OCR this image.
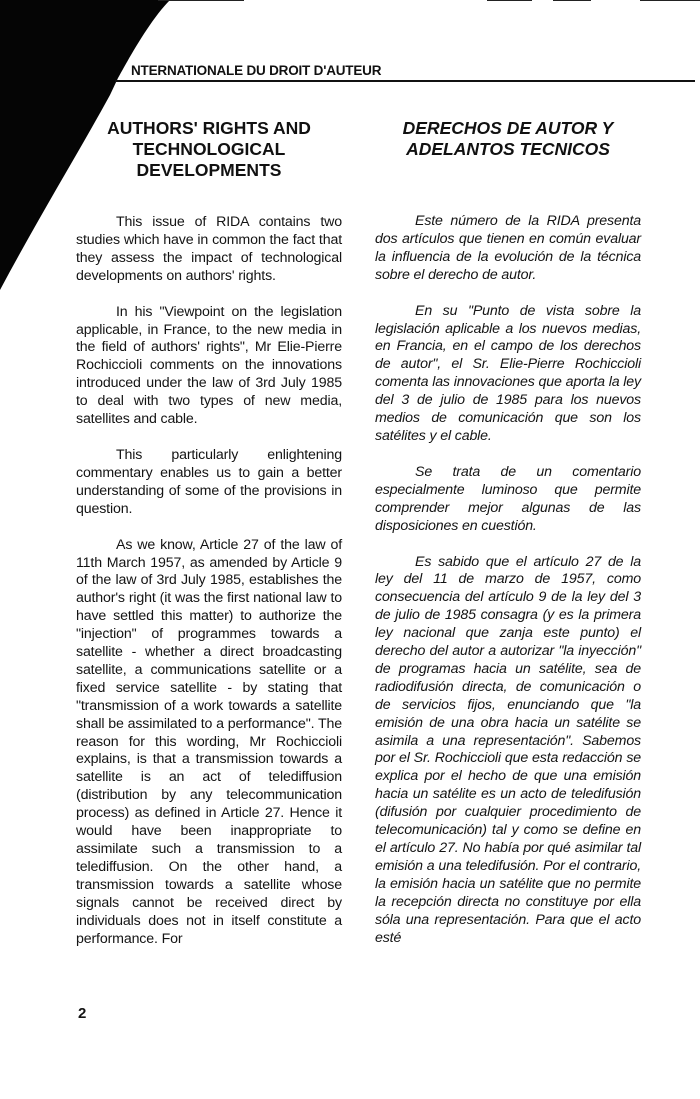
NTERNATIONALE DU DROIT D'AUTEUR
AUTHORS' RIGHTS AND
TECHNOLOGICAL
DEVELOPMENTS

This issue of RIDA contains two studies which have in common the fact that they assess the impact of technological developments on authors' rights.

In his "Viewpoint on the legislation applicable, in France, to the new media in the field of authors' rights", Mr Elie-Pierre Rochiccioli comments on the innovations introduced under the law of 3rd July 1985 to deal with two types of new media, satellites and cable.

This particularly enlightening commentary enables us to gain a better understanding of some of the provisions in question.

As we know, Article 27 of the law of 11th March 1957, as amended by Article 9 of the law of 3rd July 1985, establishes the author's right (it was the first national law to have settled this matter) to authorize the "injection" of programmes towards a satellite - whether a direct broadcasting satellite, a communications satellite or a fixed service satellite - by stating that "transmission of a work towards a satellite shall be assimilated to a performance". The reason for this wording, Mr Rochiccioli explains, is that a transmission towards a satellite is an act of telediffusion (distribution by any telecommunication process) as defined in Article 27. Hence it would have been inappropriate to assimilate such a transmission to a telediffusion. On the other hand, a transmission towards a satellite whose signals cannot be received direct by individuals does not in itself constitute a performance. For

DERECHOS DE AUTOR Y
ADELANTOS TECNICOS

Este número de la RIDA presenta dos artículos que tienen en común evaluar la influencia de la evolución de la técnica sobre el derecho de autor.

En su "Punto de vista sobre la legislación aplicable a los nuevos medias, en Francia, en el campo de los derechos de autor", el Sr. Elie-Pierre Rochiccioli comenta las innovaciones que aporta la ley del 3 de julio de 1985 para los nuevos medios de comunicación que son los satélites y el cable.

Se trata de un comentario especialmente luminoso que permite comprender mejor algunas de las disposiciones en cuestión.

Es sabido que el artículo 27 de la ley del 11 de marzo de 1957, como consecuencia del artículo 9 de la ley del 3 de julio de 1985 consagra (y es la primera ley nacional que zanja este punto) el derecho del autor a autorizar "la inyección" de programas hacia un satélite, sea de radiodifusión directa, de comunicación o de servicios fijos, enunciando que "la emisión de una obra hacia un satélite se asimila a una representación". Sabemos por el Sr. Rochiccioli que esta redacción se explica por el hecho de que una emisión hacia un satélite es un acto de teledifusión (difusión por cualquier procedimiento de telecomunicación) tal y como se define en el artículo 27. No había por qué asimilar tal emisión a una teledifusión. Por el contrario, la emisión hacia un satélite que no permite la recepción directa no constituye por ella sóla una representación. Para que el acto esté

2
